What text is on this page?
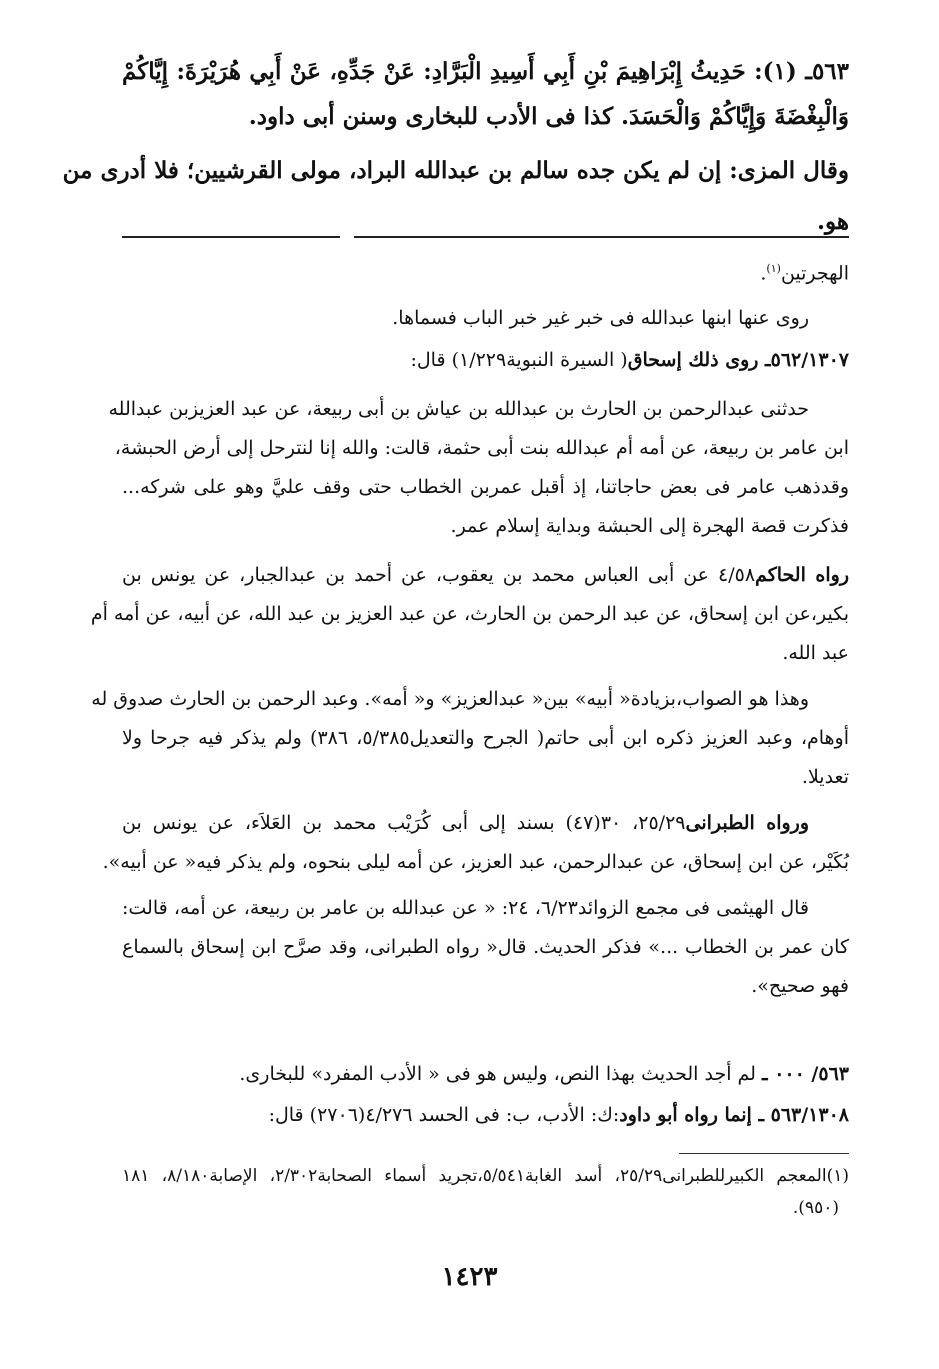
٥٦٣ـ (١): حَدِيثُ إِبْرَاهِيمَ بْنِ أَبِي أَسِيدِ الْبَرَّادِ: عَنْ جَدِّهِ، عَنْ أَبِي هُرَيْرَةَ: إِيَّاكُمْ
وَالْبِغْضَةَ وَإِيَّاكُمْ وَالْحَسَدَ. كذا فى الأدب للبخارى وسنن أبى داود.
وقال المزى: إن لم يكن جده سالم بن عبدالله البراد، مولى القرشيين؛ فلا أدرى من
هو.
الهجرتين$^{(١)}$.
روى عنها ابنها عبدالله فى خبر غير خبر الباب فسماها.
٥٦٢/١٣٠٧ـ روى ذلك إسحاق( السيرة النبوية١/٢٢٩) قال:
حدثنى عبدالرحمن بن الحارث بن عبدالله بن عياش بن أبى ربيعة، عن عبد العزيزبن عبدالله
ابن عامر بن ربيعة، عن أمه أم عبدالله بنت أبى حثمة، قالت: والله إنا لنترحل إلى أرض الحبشة،
وقدذهب عامر فى بعض حاجاتنا، إذ أقبل عمربن الخطاب حتى وقف عليَّ وهو على شركه...
فذكرت قصة الهجرة إلى الحبشة وبداية إسلام عمر.
رواه الحاكم٤/٥٨ عن أبى العباس محمد بن يعقوب، عن أحمد بن عبدالجبار، عن يونس بن
بكير،عن ابن إسحاق، عن عبد الرحمن بن الحارث، عن عبد العزيز بن عبد الله، عن أبيه، عن أمه أم
عبد الله.
وهذا هو الصواب،بزيادة« أبيه» بين« عبدالعزيز» و« أمه». وعبد الرحمن بن الحارث صدوق له
أوهام، وعبد العزيز ذكره ابن أبى حاتم( الجرح والتعديل٥/٣٨٥، ٣٨٦) ولم يذكر فيه جرحا ولا
تعديلا.
ورواه الطبرانى٢٥/٢٩، ٣٠(٤٧) بسند إلى أبى كُرَيْب محمد بن العَلاَء، عن يونس بن
بُكَيْر، عن ابن إسحاق، عن عبدالرحمن، عبد العزيز، عن أمه ليلى بنحوه، ولم يذكر فيه« عن أبيه».
قال الهيثمى فى مجمع الزوائد٦/٢٣، ٢٤: « عن عبدالله بن عامر بن ربيعة، عن أمه، قالت:
كان عمر بن الخطاب ...» فذكر الحديث. قال« رواه الطبرانى، وقد صرَّح ابن إسحاق بالسماع
فهو صحيح».
٥٦٣/ ٠٠٠ ـ لم أجد الحديث بهذا النص، وليس هو فى « الأدب المفرد» للبخارى.
٥٦٣/١٣٠٨ ـ إنما رواه أبو داود:ك: الأدب، ب: فى الحسد ٤/٢٧٦(٢٧٠٦) قال:
(١)المعجم الكبيرللطبرانى٢٥/٢٩، أسد الغابة٥/٥٤١،تجريد أسماء الصحابة٢/٣٠٢، الإصابة٨/١٨٠، ١٨١
(٩٥٠).
١٤٢٣
